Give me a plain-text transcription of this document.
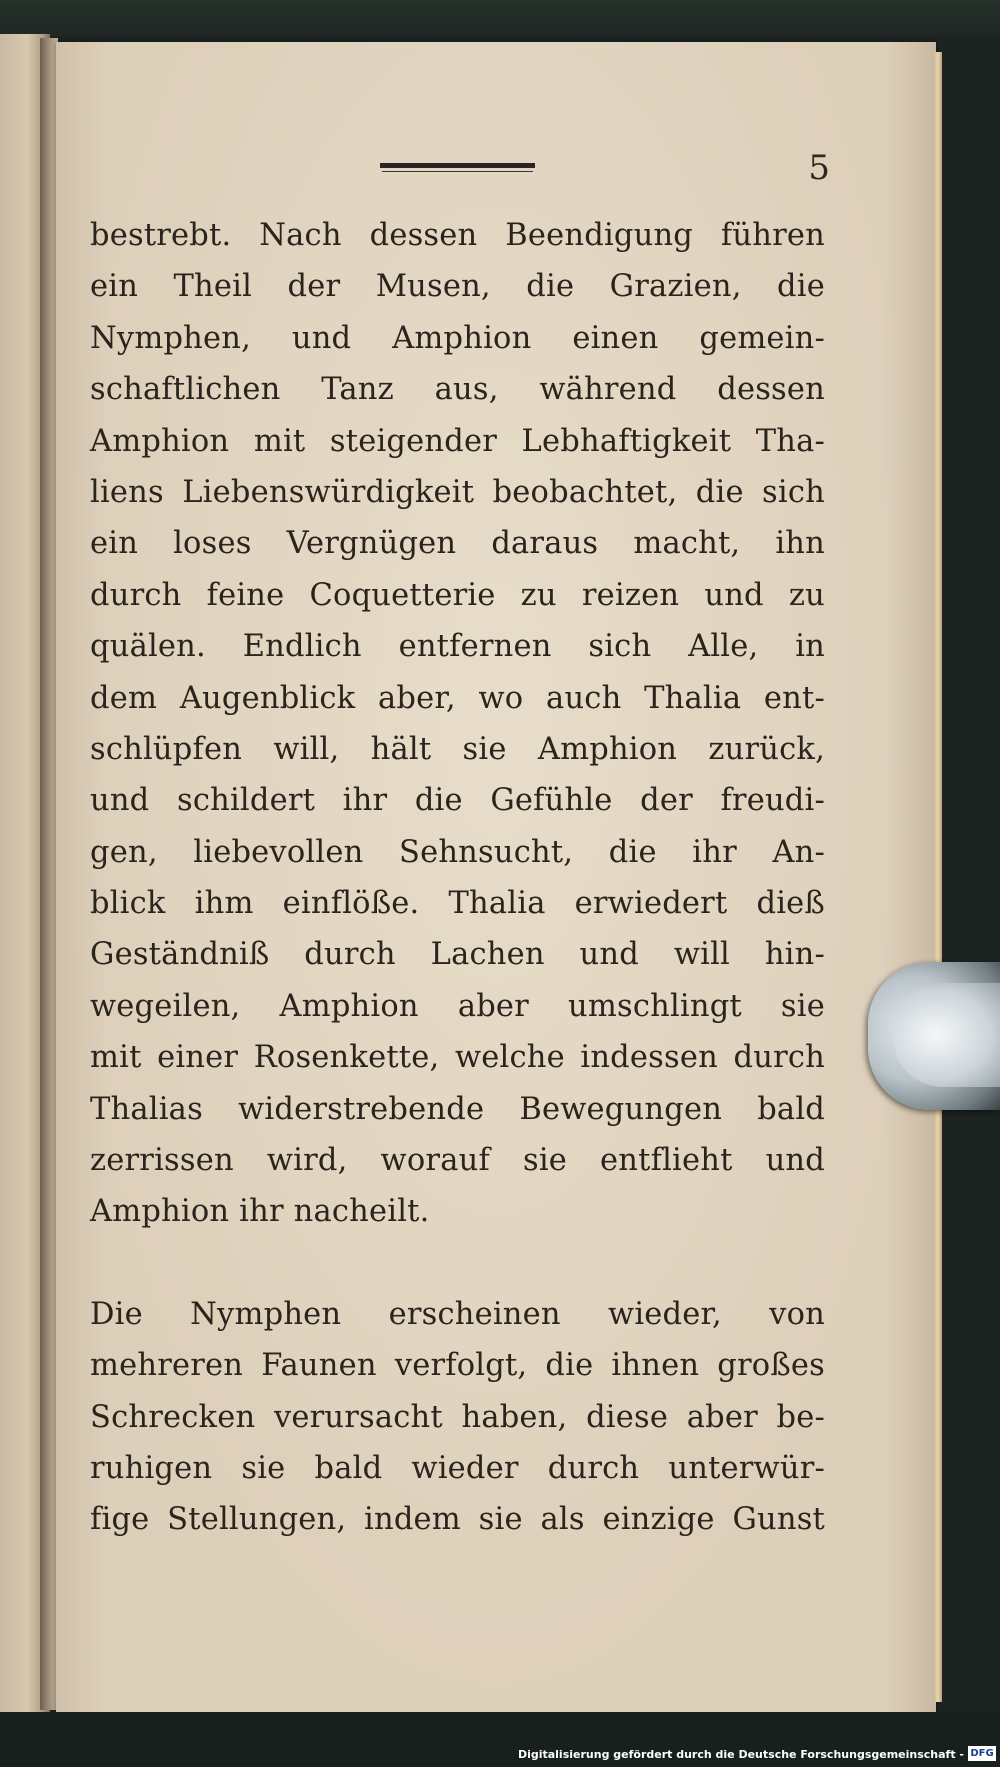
5
bestrebt. Nach dessen Beendigung führen
ein Theil der Musen, die Grazien, die
Nymphen, und Amphion einen gemein-
schaftlichen Tanz aus, während dessen
Amphion mit steigender Lebhaftigkeit Tha-
liens Liebenswürdigkeit beobachtet, die sich
ein loses Vergnügen daraus macht, ihn
durch feine Coquetterie zu reizen und zu
quälen. Endlich entfernen sich Alle, in
dem Augenblick aber, wo auch Thalia ent-
schlüpfen will, hält sie Amphion zurück,
und schildert ihr die Gefühle der freudi-
gen, liebevollen Sehnsucht, die ihr An-
blick ihm einflöße. Thalia erwiedert dieß
Geständniß durch Lachen und will hin-
wegeilen, Amphion aber umschlingt sie
mit einer Rosenkette, welche indessen durch
Thalias widerstrebende Bewegungen bald
zerrissen wird, worauf sie entflieht und
Amphion ihr nacheilt.
Die Nymphen erscheinen wieder, von
mehreren Faunen verfolgt, die ihnen großes
Schrecken verursacht haben, diese aber be-
ruhigen sie bald wieder durch unterwür-
fige Stellungen, indem sie als einzige Gunst
Digitalisierung gefördert durch die Deutsche Forschungsgemeinschaft - DFG
